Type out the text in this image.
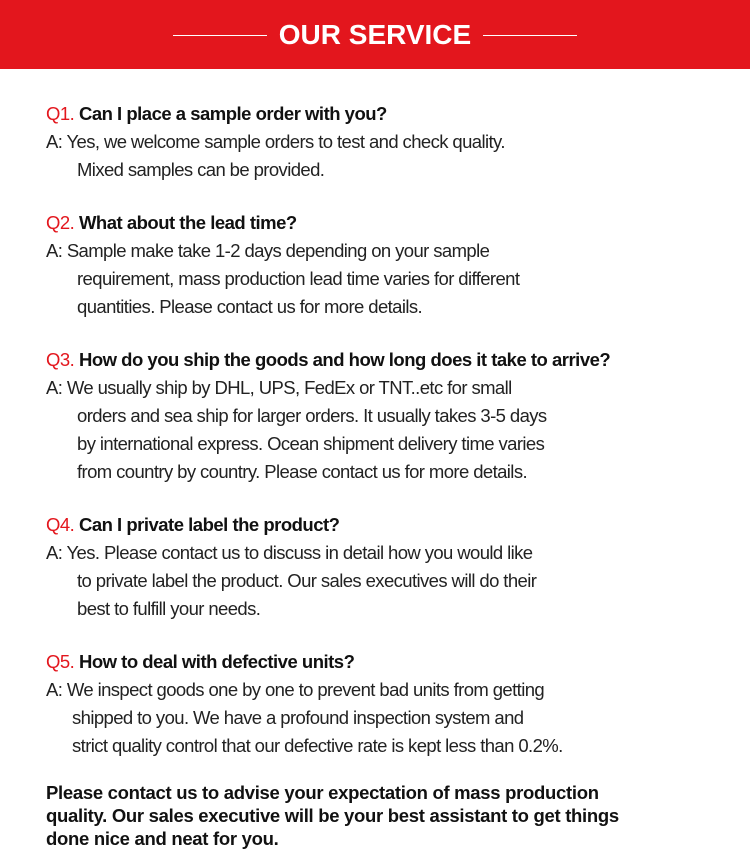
OUR SERVICE
Q1. Can I place a sample order with you?
A: Yes, we welcome sample orders to test and check quality.
Mixed samples can be provided.
Q2. What about the lead time?
A: Sample make take 1-2 days depending on your sample
requirement, mass production lead time varies for different
quantities. Please contact us for more details.
Q3. How do you ship the goods and how long does it take to arrive?
A: We usually ship by DHL, UPS, FedEx or TNT..etc for small
orders and sea ship for larger orders. It usually takes 3-5 days
by international express. Ocean shipment delivery time varies
from country by country. Please contact us for more details.
Q4. Can I private label the product?
A: Yes. Please contact us to discuss in detail how you would like
to private label the product. Our sales executives will do their
best to fulfill your needs.
Q5. How to deal with defective units?
A: We inspect goods one by one to prevent bad units from getting
shipped to you. We have a profound inspection system and
strict quality control that our defective rate is kept less than 0.2%.
Please contact us to advise your expectation of mass production
quality. Our sales executive will be your best assistant to get things
done nice and neat for you.
